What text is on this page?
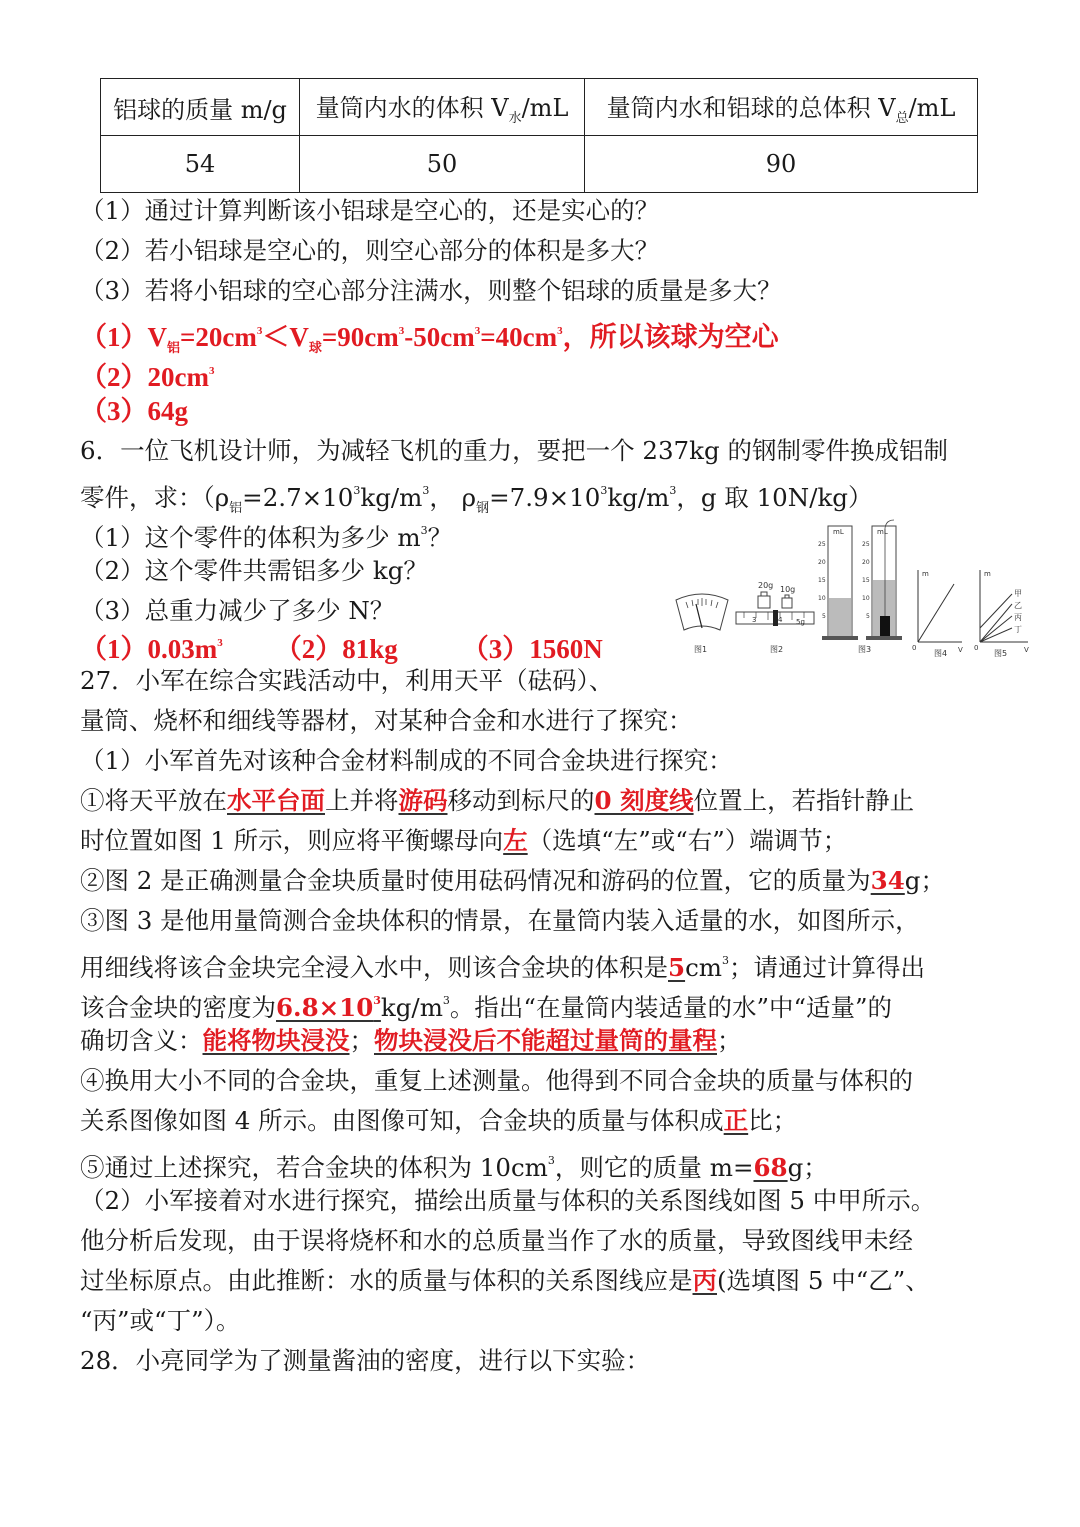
铝球的质量 m/g	量筒内水的体积 $V_水/mL$	量筒内水和铝球的总体积 $V_总/mL$
54	50	90
（1）通过计算判断该小铝球是空心的，还是实心的？
（2）若小铝球是空心的，则空心部分的体积是多大？
（3）若将小铝球的空心部分注满水，则整个铝球的质量是多大？
$(1)V_铝=20cm^3<V_球=90cm^3-50cm^3=40cm^3$，所以该球为空心
$(2)20cm^3$
（3）64g
6．一位飞机设计师，为减轻飞机的重力，要把一个 237kg 的钢制零件换成铝制
零件，求：（$\rho_铝=2.7\times 10^3kg/m^3$， $\rho_钢=7.9\times 10^3kg/m^3$，g 取 10N/kg）
（1）这个零件的体积为多少 $m^3$？
（2）这个零件共需铝多少 kg？
（3）总重力减少了多少 N？
$(1)0.03m^3$ （2）81kg （3）1560N	图1
20g 10g
3	4 5g
图2
mL
25
20
15
10
5
mL
25
20
15
10
5
图3
m
V
0
图4
m
V
0
甲
乙
丙
丁
图5
27．小军在综合实践活动中，利用天平（砝码）、
量筒、烧杯和细线等器材，对某种合金和水进行了探究：
（1）小军首先对该种合金材料制成的不同合金块进行探究：
①将天平放在水平台面上并将游码移动到标尺的0 刻度线位置上，若指针静止
时位置如图 1 所示，则应将平衡螺母向左（选填“左”或“右”）端调节；
②图 2 是正确测量合金块质量时使用砝码情况和游码的位置，它的质量为34g；
③图 3 是他用量筒测合金块体积的情景，在量筒内装入适量的水，如图所示，
用细线将该合金块完全浸入水中，则该合金块的体积是$5cm^3$；请通过计算得出
该合金块的密度为$6.8\times 10^3kg/m^3$。指出“在量筒内装适量的水”中“适量”的
确切含义：能将物块浸没；物块浸没后不能超过量筒的量程；
④换用大小不同的合金块，重复上述测量。他得到不同合金块的质量与体积的
关系图像如图 4 所示。由图像可知，合金块的质量与体积成正比；
⑤通过上述探究，若合金块的体积为 $10cm^3$，则它的质量 m=68g；
（2）小军接着对水进行探究，描绘出质量与体积的关系图线如图 5 中甲所示。
他分析后发现，由于误将烧杯和水的总质量当作了水的质量，导致图线甲未经
过坐标原点。由此推断：水的质量与体积的关系图线应是丙(选填图 5 中“乙”、
“丙”或“丁”）。
28．小亮同学为了测量酱油的密度，进行以下实验：
